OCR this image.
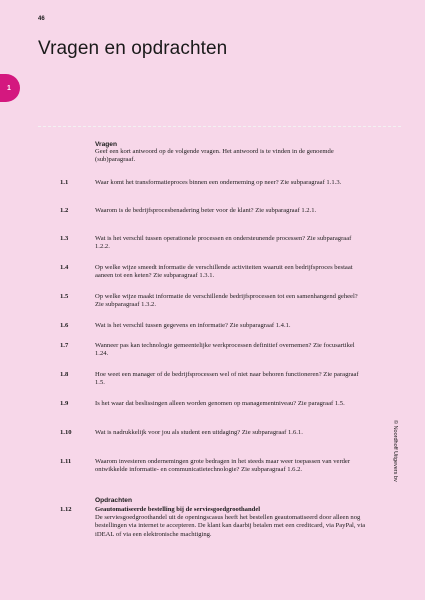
46
Vragen en opdrachten
1
Vragen
Geef een kort antwoord op de volgende vragen. Het antwoord is te vinden in de genoemde (sub)paragraaf.
1.1	Waar komt het transformatieproces binnen een onderneming op neer? Zie subparagraaf 1.1.3.
1.2	Waarom is de bedrijfsprocesbenadering beter voor de klant? Zie subparagraaf 1.2.1.
1.3	Wat is het verschil tussen operationele processen en ondersteunende processen? Zie subparagraaf 1.2.2.
1.4	Op welke wijze smeedt informatie de verschillende activiteiten waaruit een bedrijfsproces bestaat aaneen tot een keten? Zie subparagraaf 1.3.1.
1.5	Op welke wijze maakt informatie de verschillende bedrijfsprocessen tot een samenhangend geheel? Zie subparagraaf 1.3.2.
1.6	Wat is het verschil tussen gegevens en informatie? Zie subparagraaf 1.4.1.
1.7	Wanneer pas kan technologie gemeentelijke werkprocessen definitief overnemen? Zie focusartikel 1.24.
1.8	Hoe weet een manager of de bedrijfsprocessen wel of niet naar behoren functioneren? Zie paragraaf 1.5.
1.9	Is het waar dat beslissingen alleen worden genomen op managementniveau? Zie paragraaf 1.5.
1.10	Wat is nadrukkelijk voor jou als student een uitdaging? Zie subparagraaf 1.6.1.
1.11	Waarom investeren ondernemingen grote bedragen in het steeds maar weer toepassen van verder ontwikkelde informatie- en communicatietechnologie? Zie subparagraaf 1.6.2.
Opdrachten
1.12	Geautomatiseerde bestelling bij de serviesgoedgroothandel
De serviesgoedgroothandel uit de openingscasus heeft het bestellen geautomatiseerd door alleen nog bestellingen via internet te accepteren. De klant kan daarbij betalen met een creditcard, via PayPal, via iDEAL of via een elektronische machtiging.
© Noordhoff Uitgevers bv
